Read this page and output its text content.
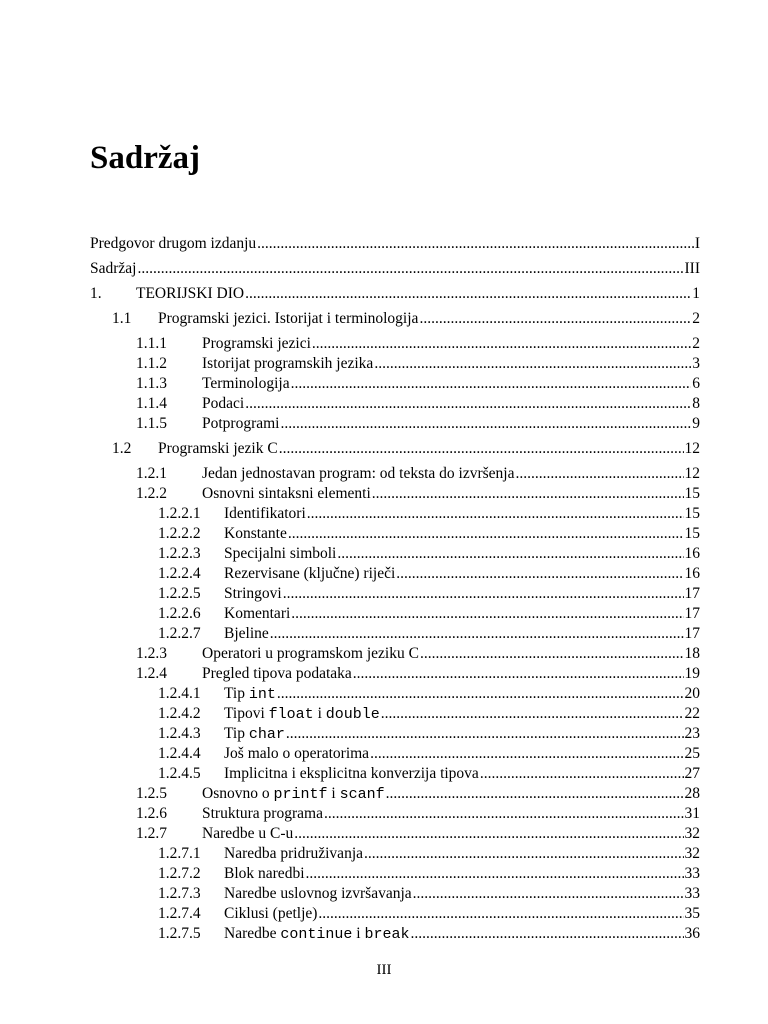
Sadržaj
Predgovor drugom izdanju .....	I
Sadržaj .....	III
1.	TEORIJSKI DIO .....	1
1.1	Programski jezici. Istorijat i terminologija .....	2
1.1.1	Programski jezici .....	2
1.1.2	Istorijat programskih jezika .....	3
1.1.3	Terminologija .....	6
1.1.4	Podaci .....	8
1.1.5	Potprogrami .....	9
1.2	Programski jezik C .....	12
1.2.1	Jedan jednostavan program: od teksta do izvršenja .....	12
1.2.2	Osnovni sintaksni elementi .....	15
1.2.2.1	Identifikatori .....	15
1.2.2.2	Konstante .....	15
1.2.2.3	Specijalni simboli .....	16
1.2.2.4	Rezervisane (ključne) riječi .....	16
1.2.2.5	Stringovi .....	17
1.2.2.6	Komentari .....	17
1.2.2.7	Bjeline .....	17
1.2.3	Operatori u programskom jeziku C .....	18
1.2.4	Pregled tipova podataka .....	19
1.2.4.1	Tip int .....	20
1.2.4.2	Tipovi float i double .....	22
1.2.4.3	Tip char .....	23
1.2.4.4	Još malo o operatorima .....	25
1.2.4.5	Implicitna i eksplicitna konverzija tipova .....	27
1.2.5	Osnovno o printf i scanf .....	28
1.2.6	Struktura programa .....	31
1.2.7	Naredbe u C-u .....	32
1.2.7.1	Naredba pridruživanja .....	32
1.2.7.2	Blok naredbi .....	33
1.2.7.3	Naredbe uslovnog izvršavanja .....	33
1.2.7.4	Ciklusi (petlje) .....	35
1.2.7.5	Naredbe continue i break .....	36
III
